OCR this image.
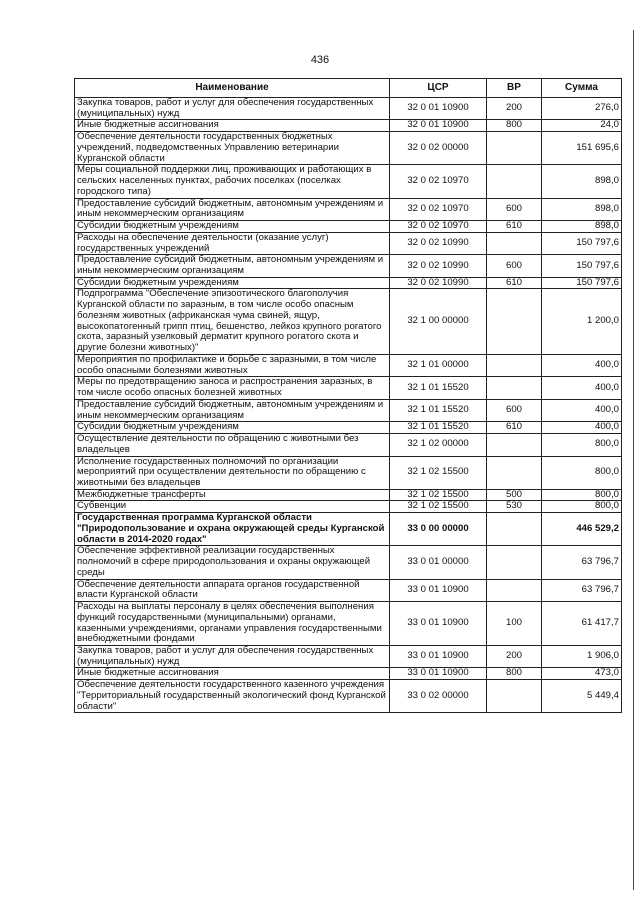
436
Наименование	ЦСР	ВР	Сумма
Закупка товаров, работ и услуг для обеспечения государственных (муниципальных) нужд	32 0 01 10900	200	276,0
Иные бюджетные ассигнования	32 0 01 10900	800	24,0
Обеспечение деятельности государственных бюджетных учреждений, подведомственных Управлению ветеринарии Курганской области	32 0 02 00000		151 695,6
Меры социальной поддержки лиц, проживающих и работающих в сельских населенных пунктах, рабочих поселках (поселках городского типа)	32 0 02 10970		898,0
Предоставление субсидий бюджетным, автономным учреждениям и иным некоммерческим организациям	32 0 02 10970	600	898,0
Субсидии бюджетным учреждениям	32 0 02 10970	610	898,0
Расходы на обеспечение деятельности (оказание услуг) государственных учреждений	32 0 02 10990		150 797,6
Предоставление субсидий бюджетным, автономным учреждениям и иным некоммерческим организациям	32 0 02 10990	600	150 797,6
Субсидии бюджетным учреждениям	32 0 02 10990	610	150 797,6
Подпрограмма "Обеспечение эпизоотического благополучия Курганской области по заразным, в том числе особо опасным болезням животных (африканская чума свиней, ящур, высокопатогенный грипп птиц, бешенство, лейкоз крупного рогатого скота, заразный узелковый дерматит крупного рогатого скота и другие болезни животных)"	32 1 00 00000		1 200,0
Мероприятия по профилактике и борьбе с заразными, в том числе особо опасными болезнями животных	32 1 01 00000		400,0
Меры по предотвращению заноса и распространения заразных, в том числе особо опасных болезней животных	32 1 01 15520		400,0
Предоставление субсидий бюджетным, автономным учреждениям и иным некоммерческим организациям	32 1 01 15520	600	400,0
Субсидии бюджетным учреждениям	32 1 01 15520	610	400,0
Осуществление деятельности по обращению с животными без владельцев	32 1 02 00000		800,0
Исполнение государственных полномочий по организации мероприятий при осуществлении деятельности по обращению с животными без владельцев	32 1 02 15500		800,0
Межбюджетные трансферты	32 1 02 15500	500	800,0
Субвенции	32 1 02 15500	530	800,0
Государственная программа Курганской области "Природопользование и охрана окружающей среды Курганской области в 2014-2020 годах"	33 0 00 00000		446 529,2
Обеспечение эффективной реализации государственных полномочий в сфере природопользования и охраны окружающей среды	33 0 01 00000		63 796,7
Обеспечение деятельности аппарата органов государственной власти Курганской области	33 0 01 10900		63 796,7
Расходы на выплаты персоналу в целях обеспечения выполнения функций государственными (муниципальными) органами, казенными учреждениями, органами управления государственными внебюджетными фондами	33 0 01 10900	100	61 417,7
Закупка товаров, работ и услуг для обеспечения государственных (муниципальных) нужд	33 0 01 10900	200	1 906,0
Иные бюджетные ассигнования	33 0 01 10900	800	473,0
Обеспечение деятельности государственного казенного учреждения "Территориальный государственный экологический фонд Курганской области"	33 0 02 00000		5 449,4
